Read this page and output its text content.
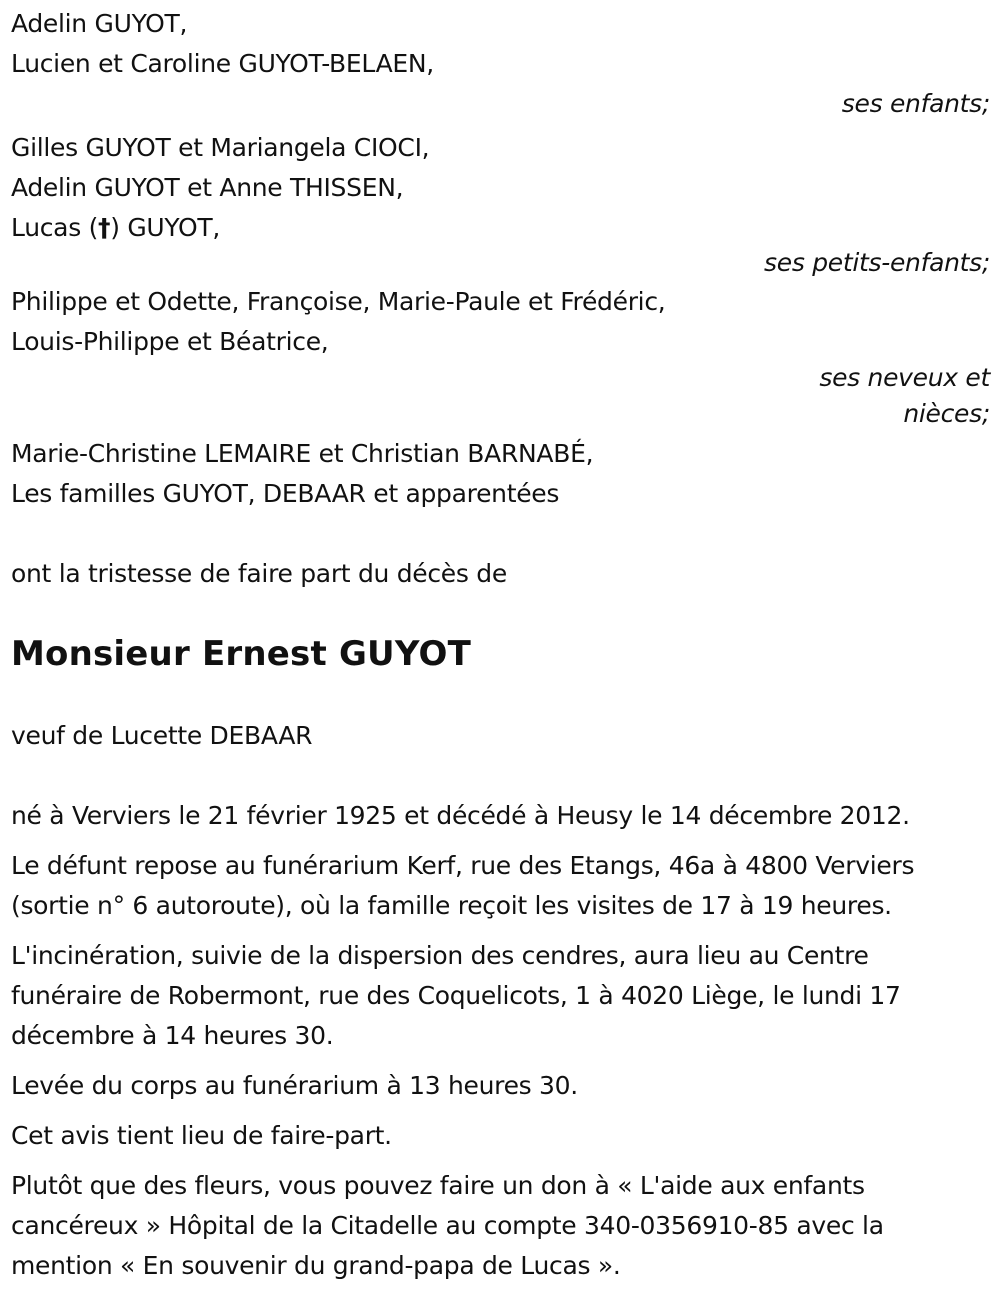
Adelin GUYOT,
Lucien et Caroline GUYOT-BELAEN,
ses enfants;
Gilles GUYOT et Mariangela CIOCI,
Adelin GUYOT et Anne THISSEN,
Lucas (†) GUYOT,
ses petits-enfants;
Philippe et Odette, Françoise, Marie-Paule et Frédéric,
Louis-Philippe et Béatrice,
ses neveux et
nièces;
Marie-Christine LEMAIRE et Christian BARNABÉ,
Les familles GUYOT, DEBAAR et apparentées
ont la tristesse de faire part du décès de
Monsieur Ernest GUYOT
veuf de Lucette DEBAAR

né à Verviers le 21 février 1925 et décédé à Heusy le 14 décembre 2012.

Le défunt repose au funérarium Kerf, rue des Etangs, 46a à 4800 Verviers (sortie n° 6 autoroute), où la famille reçoit les visites de 17 à 19 heures.

L'incinération, suivie de la dispersion des cendres, aura lieu au Centre funéraire de Robermont, rue des Coquelicots, 1 à 4020 Liège, le lundi 17 décembre à 14 heures 30.

Levée du corps au funérarium à 13 heures 30.

Cet avis tient lieu de faire-part.

Plutôt que des fleurs, vous pouvez faire un don à « L'aide aux enfants cancéreux » Hôpital de la Citadelle au compte 340-0356910-85 avec la mention « En souvenir du grand-papa de Lucas ».
